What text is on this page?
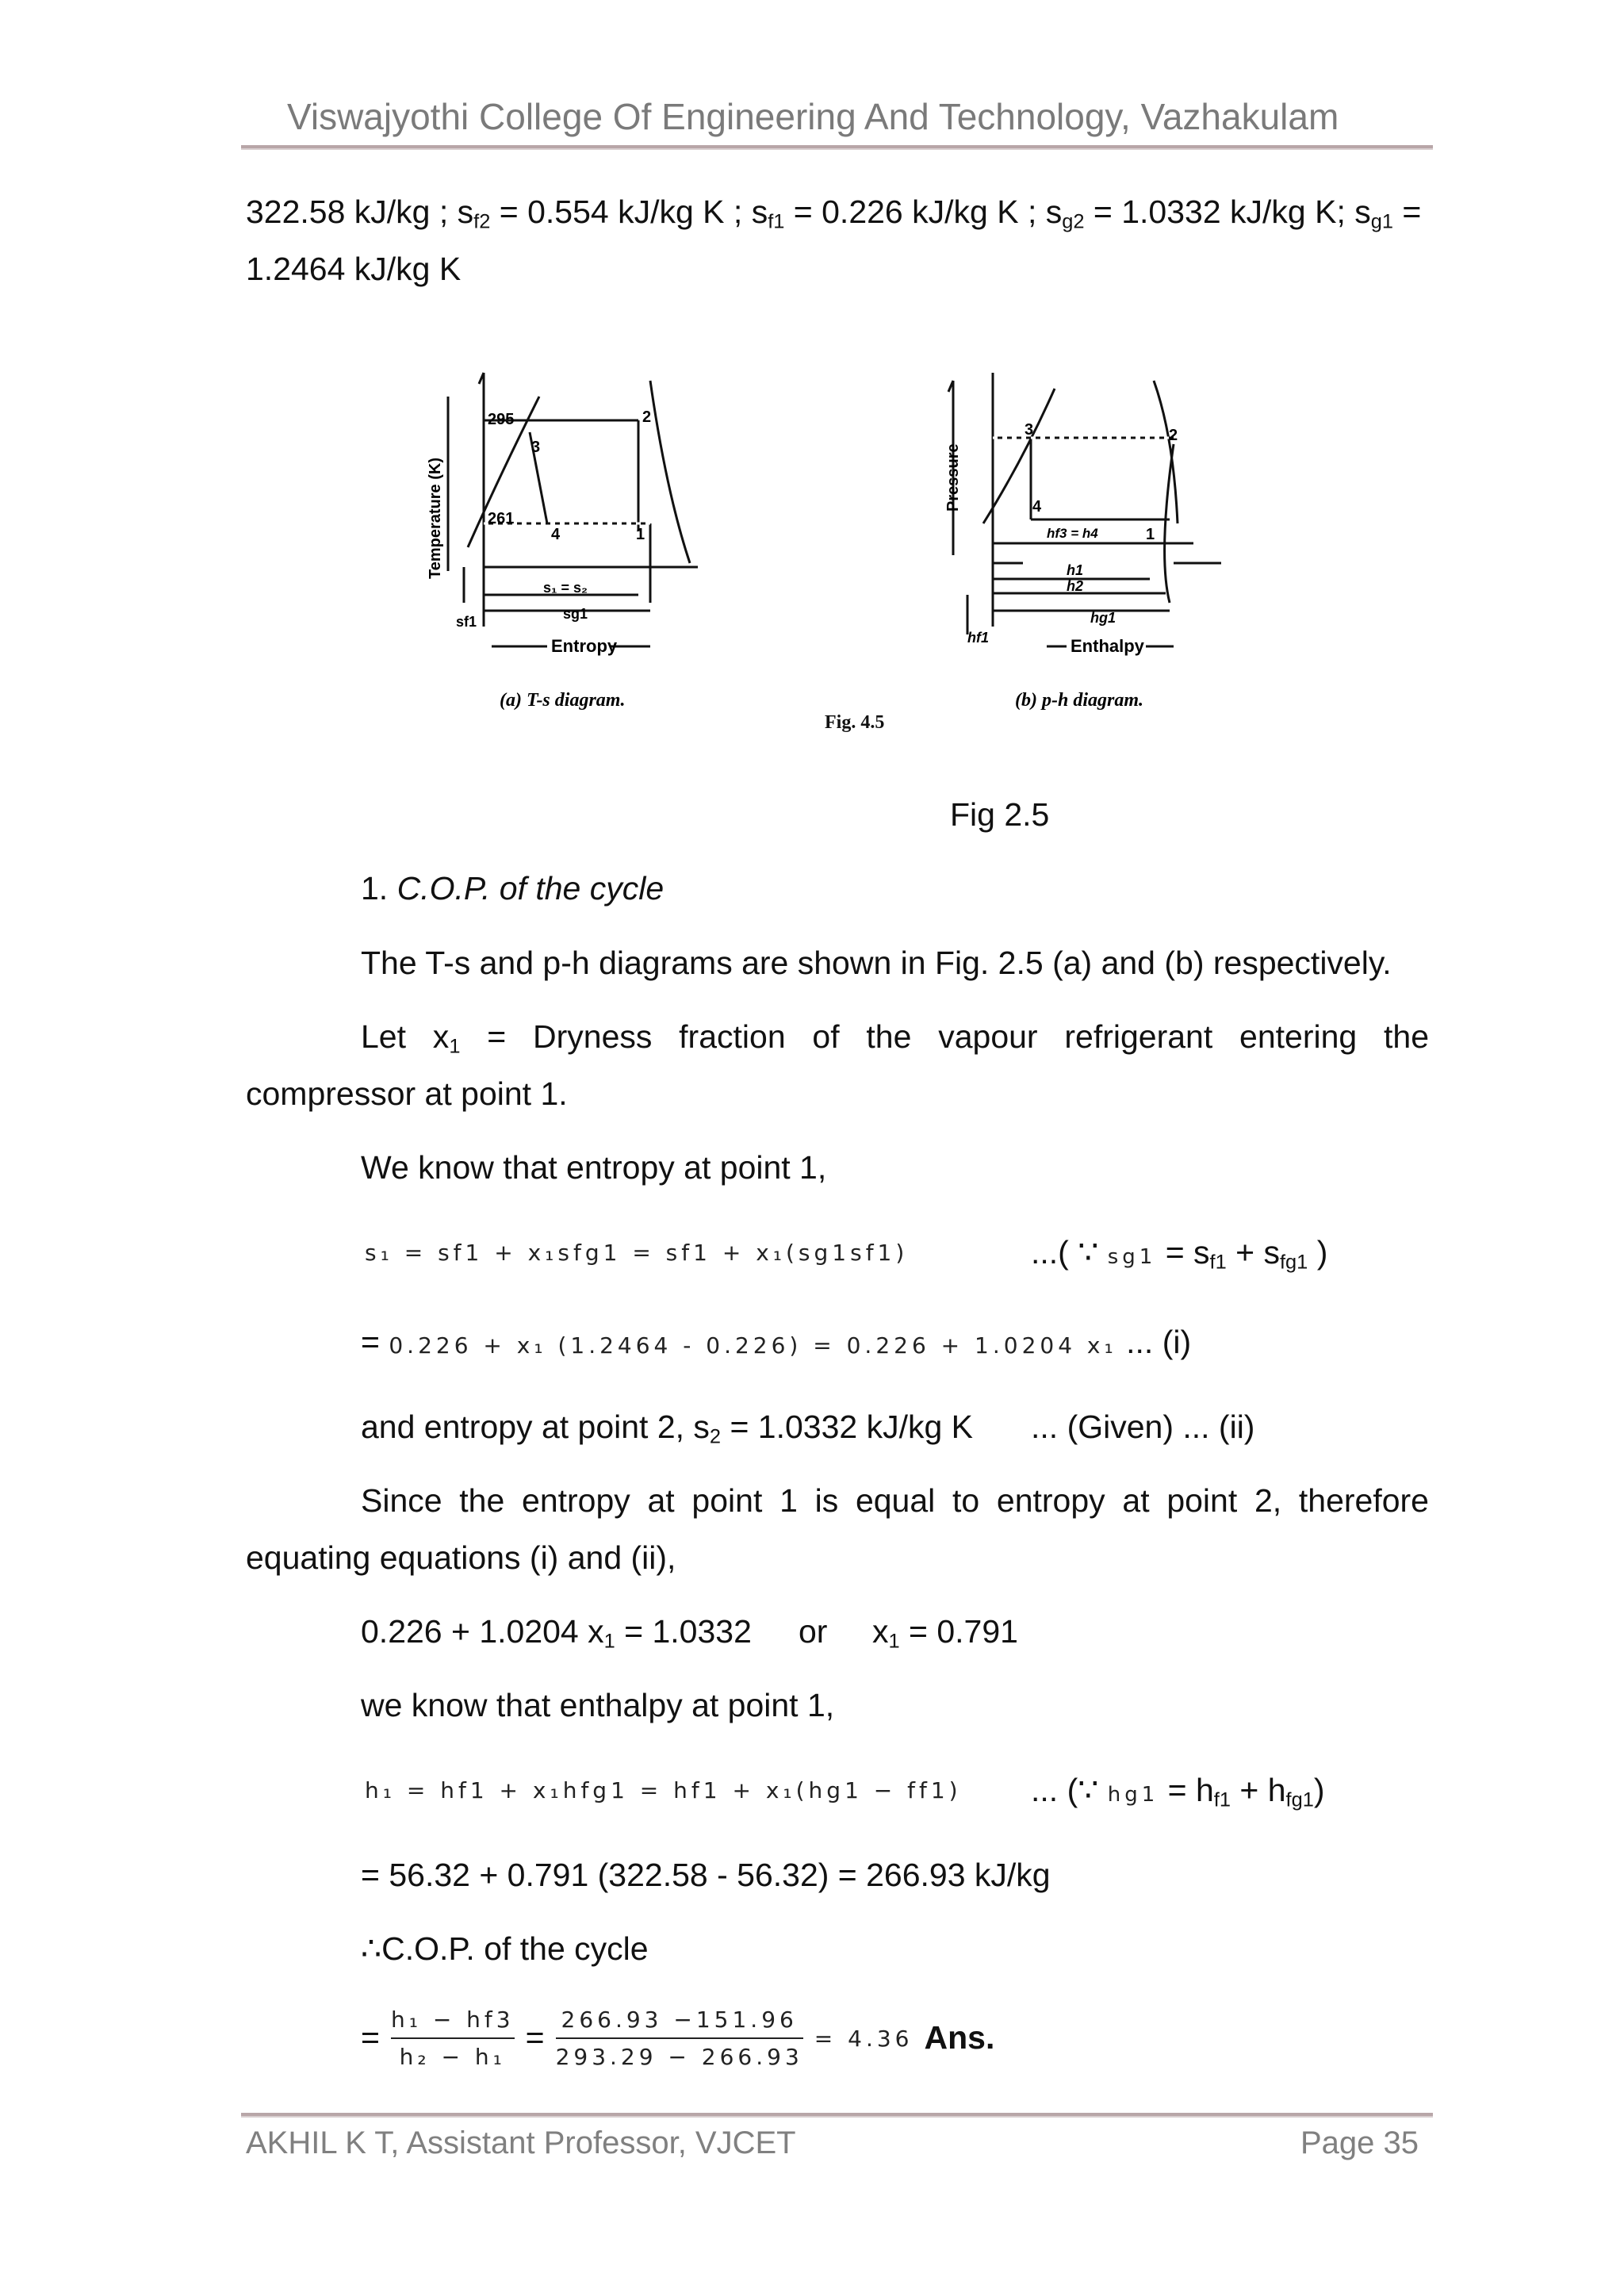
Viswajyothi College Of Engineering And Technology, Vazhakulam
322.58 kJ/kg ; $s_{f2} = 0.554$ kJ/kg K ; $s_{f1} = 0.226$ kJ/kg K ; $s_{g2} = 1.0332$ kJ/kg K; $s_{g1}$ =
1.2464 kJ/kg K
295
261
2
3
4	1
s₁ = s₂
sg1
sf1
Entropy
Temperature (K)
(a) T-s diagram.
3	2
4
1
hf3 = h4
h1
h2
hg1
hf1	Enthalpy
Pressure
(b) p-h diagram.
Fig. 4.5
Fig 2.5
1. C.O.P. of the cycle
The T-s and p-h diagrams are shown in Fig. 2.5 (a) and (b) respectively.
Let $x_1$ = Dryness fraction of the vapour refrigerant entering the
compressor at point 1.
We know that entropy at point 1,
s₁ = sf1 + x₁sfg1 = sf1 + x₁(sg1sf1)	...( ∵ $sg1 = s_{f1} + s_{fg1}$ )
= 0.226 + x₁ (1.2464 - 0.226) = 0.226 + 1.0204 x₁ ... (i)
and entropy at point 2, $s_2 = 1.0332$ kJ/kg K ... (Given) ... (ii)
Since the entropy at point 1 is equal to entropy at point 2, therefore
equating equations (i) and (ii),
0.226 + 1.0204 $x_1 = 1.0332$ or $x_1 = 0.791$
we know that enthalpy at point 1,
h₁ = hf1 + x₁hfg1 = hf1 + x₁(hg1 − ff1) ... (∵ $hg1 = h_{f1} + h_{fg1}$)
= 56.32 + 0.791 (322.58 - 56.32) = 266.93 kJ/kg
∴C.O.P. of the cycle
= $\frac{\text{h₁ − hf3}}{\text{h₂ − h₁}} = \frac{266.93 -151.96}{293.29 - 266.93} = 4.36$ Ans.
AKHIL K T, Assistant Professor, VJCET	Page 35
